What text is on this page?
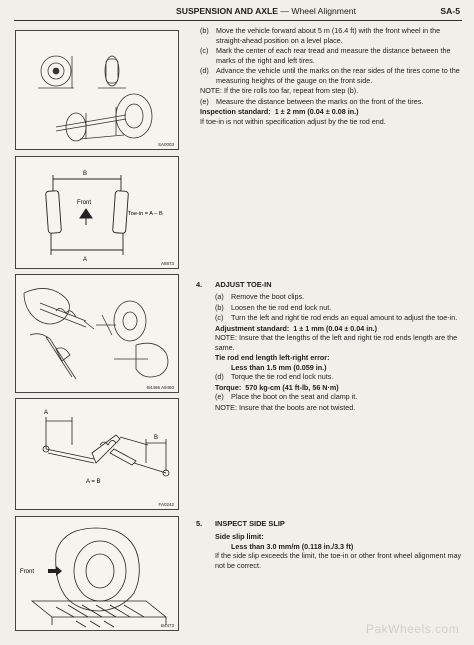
SUSPENSION AND AXLE — Wheel Alignment	SA-5
SA0003
B
Front
A
Toe-in = A – B
A8873
B4466 A9460
A
B
A = B
FA0242
Front
B4473
(b) Move the vehicle forward about 5 m (16.4 ft) with the front wheel in the straight-ahead position on a level place.
(c) Mark the center of each rear tread and measure the distance between the marks of the right and left tires.
(d) Advance the vehicle until the marks on the rear sides of the tires come to the measuring heights of the gauge on the front side.
NOTE: If the tire rolls too far, repeat from step (b).
(e) Measure the distance between the marks on the front of the tires.
Inspection standard: 1 ± 2 mm (0.04 ± 0.08 in.)
If toe-in is not within specification adjust by the tie rod end.
4. ADJUST TOE-IN
(a) Remove the boot clips.
(b) Loosen the tie rod end lock nut.
(c) Turn the left and right tie rod ends an equal amount to adjust the toe-in.
Adjustment standard: 1 ± 1 mm (0.04 ± 0.04 in.)
NOTE: Insure that the lengths of the left and right tie rod ends length are the same.
Tie rod end length left-right error:
Less than 1.5 mm (0.059 in.)
(d) Torque the tie rod end lock nuts.
Torque: 570 kg-cm (41 ft-lb, 56 N·m)
(e) Place the boot on the seat and clamp it.
NOTE: Insure that the boots are not twisted.
5. INSPECT SIDE SLIP
Side slip limit:
Less than 3.0 mm/m (0.118 in./3.3 ft)
If the side slip exceeds the limit, the toe-in or other front wheel alignment may not be correct.
PakWheels.com
